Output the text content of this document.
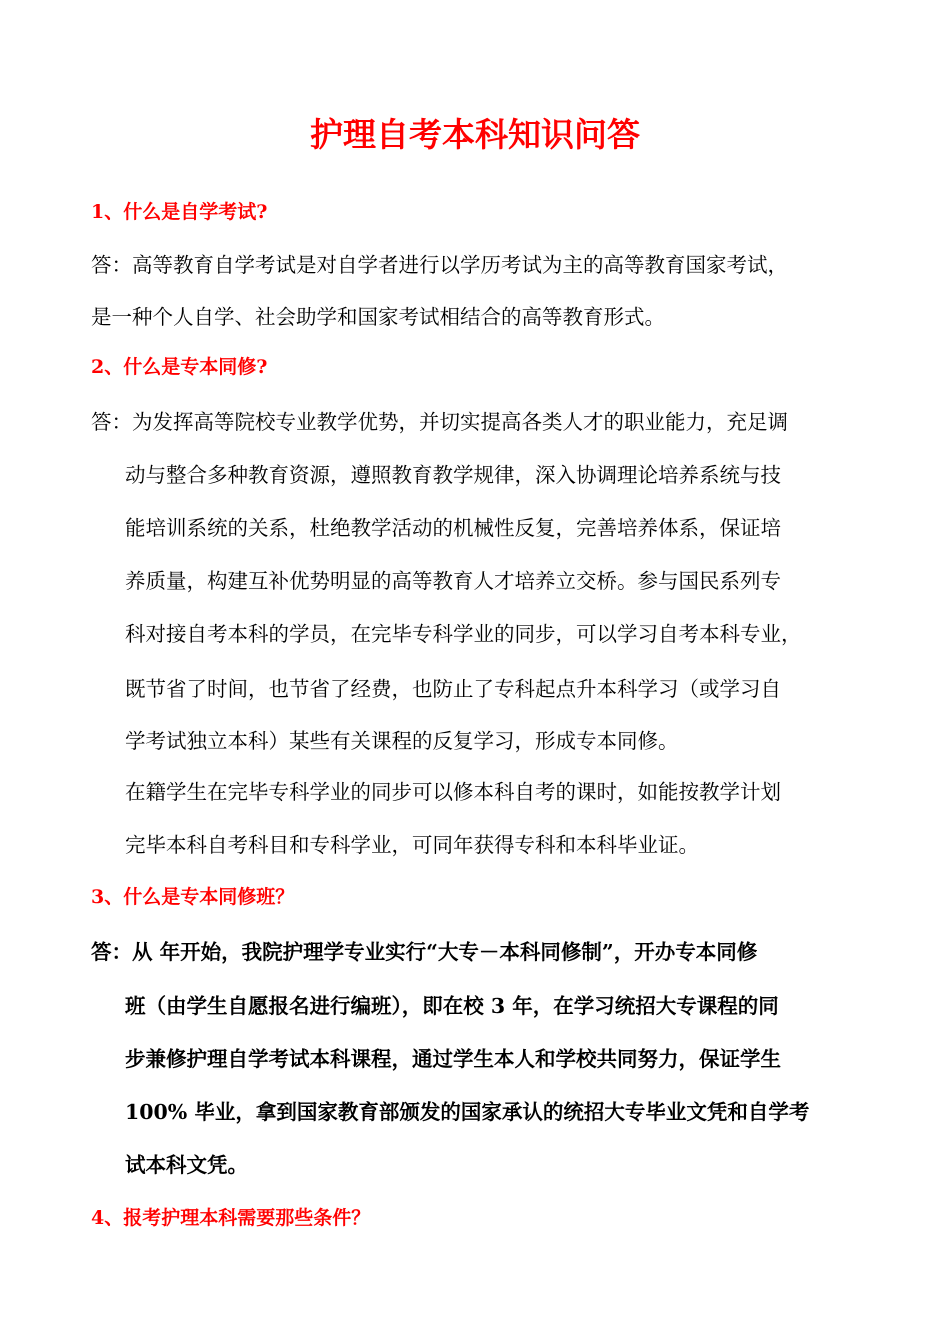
护理自考本科知识问答
1、什么是自学考试?
答：高等教育自学考试是对自学者进行以学历考试为主的高等教育国家考试，
是一种个人自学、社会助学和国家考试相结合的高等教育形式。
2、什么是专本同修?
答：为发挥高等院校专业教学优势，并切实提高各类人才的职业能力，充足调
动与整合多种教育资源，遵照教育教学规律，深入协调理论培养系统与技
能培训系统的关系，杜绝教学活动的机械性反复，完善培养体系，保证培
养质量，构建互补优势明显的高等教育人才培养立交桥。参与国民系列专
科对接自考本科的学员，在完毕专科学业的同步，可以学习自考本科专业，
既节省了时间，也节省了经费，也防止了专科起点升本科学习（或学习自
学考试独立本科）某些有关课程的反复学习，形成专本同修。
在籍学生在完毕专科学业的同步可以修本科自考的课时，如能按教学计划
完毕本科自考科目和专科学业，可同年获得专科和本科毕业证。
3、什么是专本同修班？
答：从 年开始，我院护理学专业实行“大专－本科同修制”，开办专本同修
班（由学生自愿报名进行编班），即在校 3 年，在学习统招大专课程的同
步兼修护理自学考试本科课程，通过学生本人和学校共同努力，保证学生
100% 毕业，拿到国家教育部颁发的国家承认的统招大专毕业文凭和自学考
试本科文凭。
4、报考护理本科需要那些条件？
